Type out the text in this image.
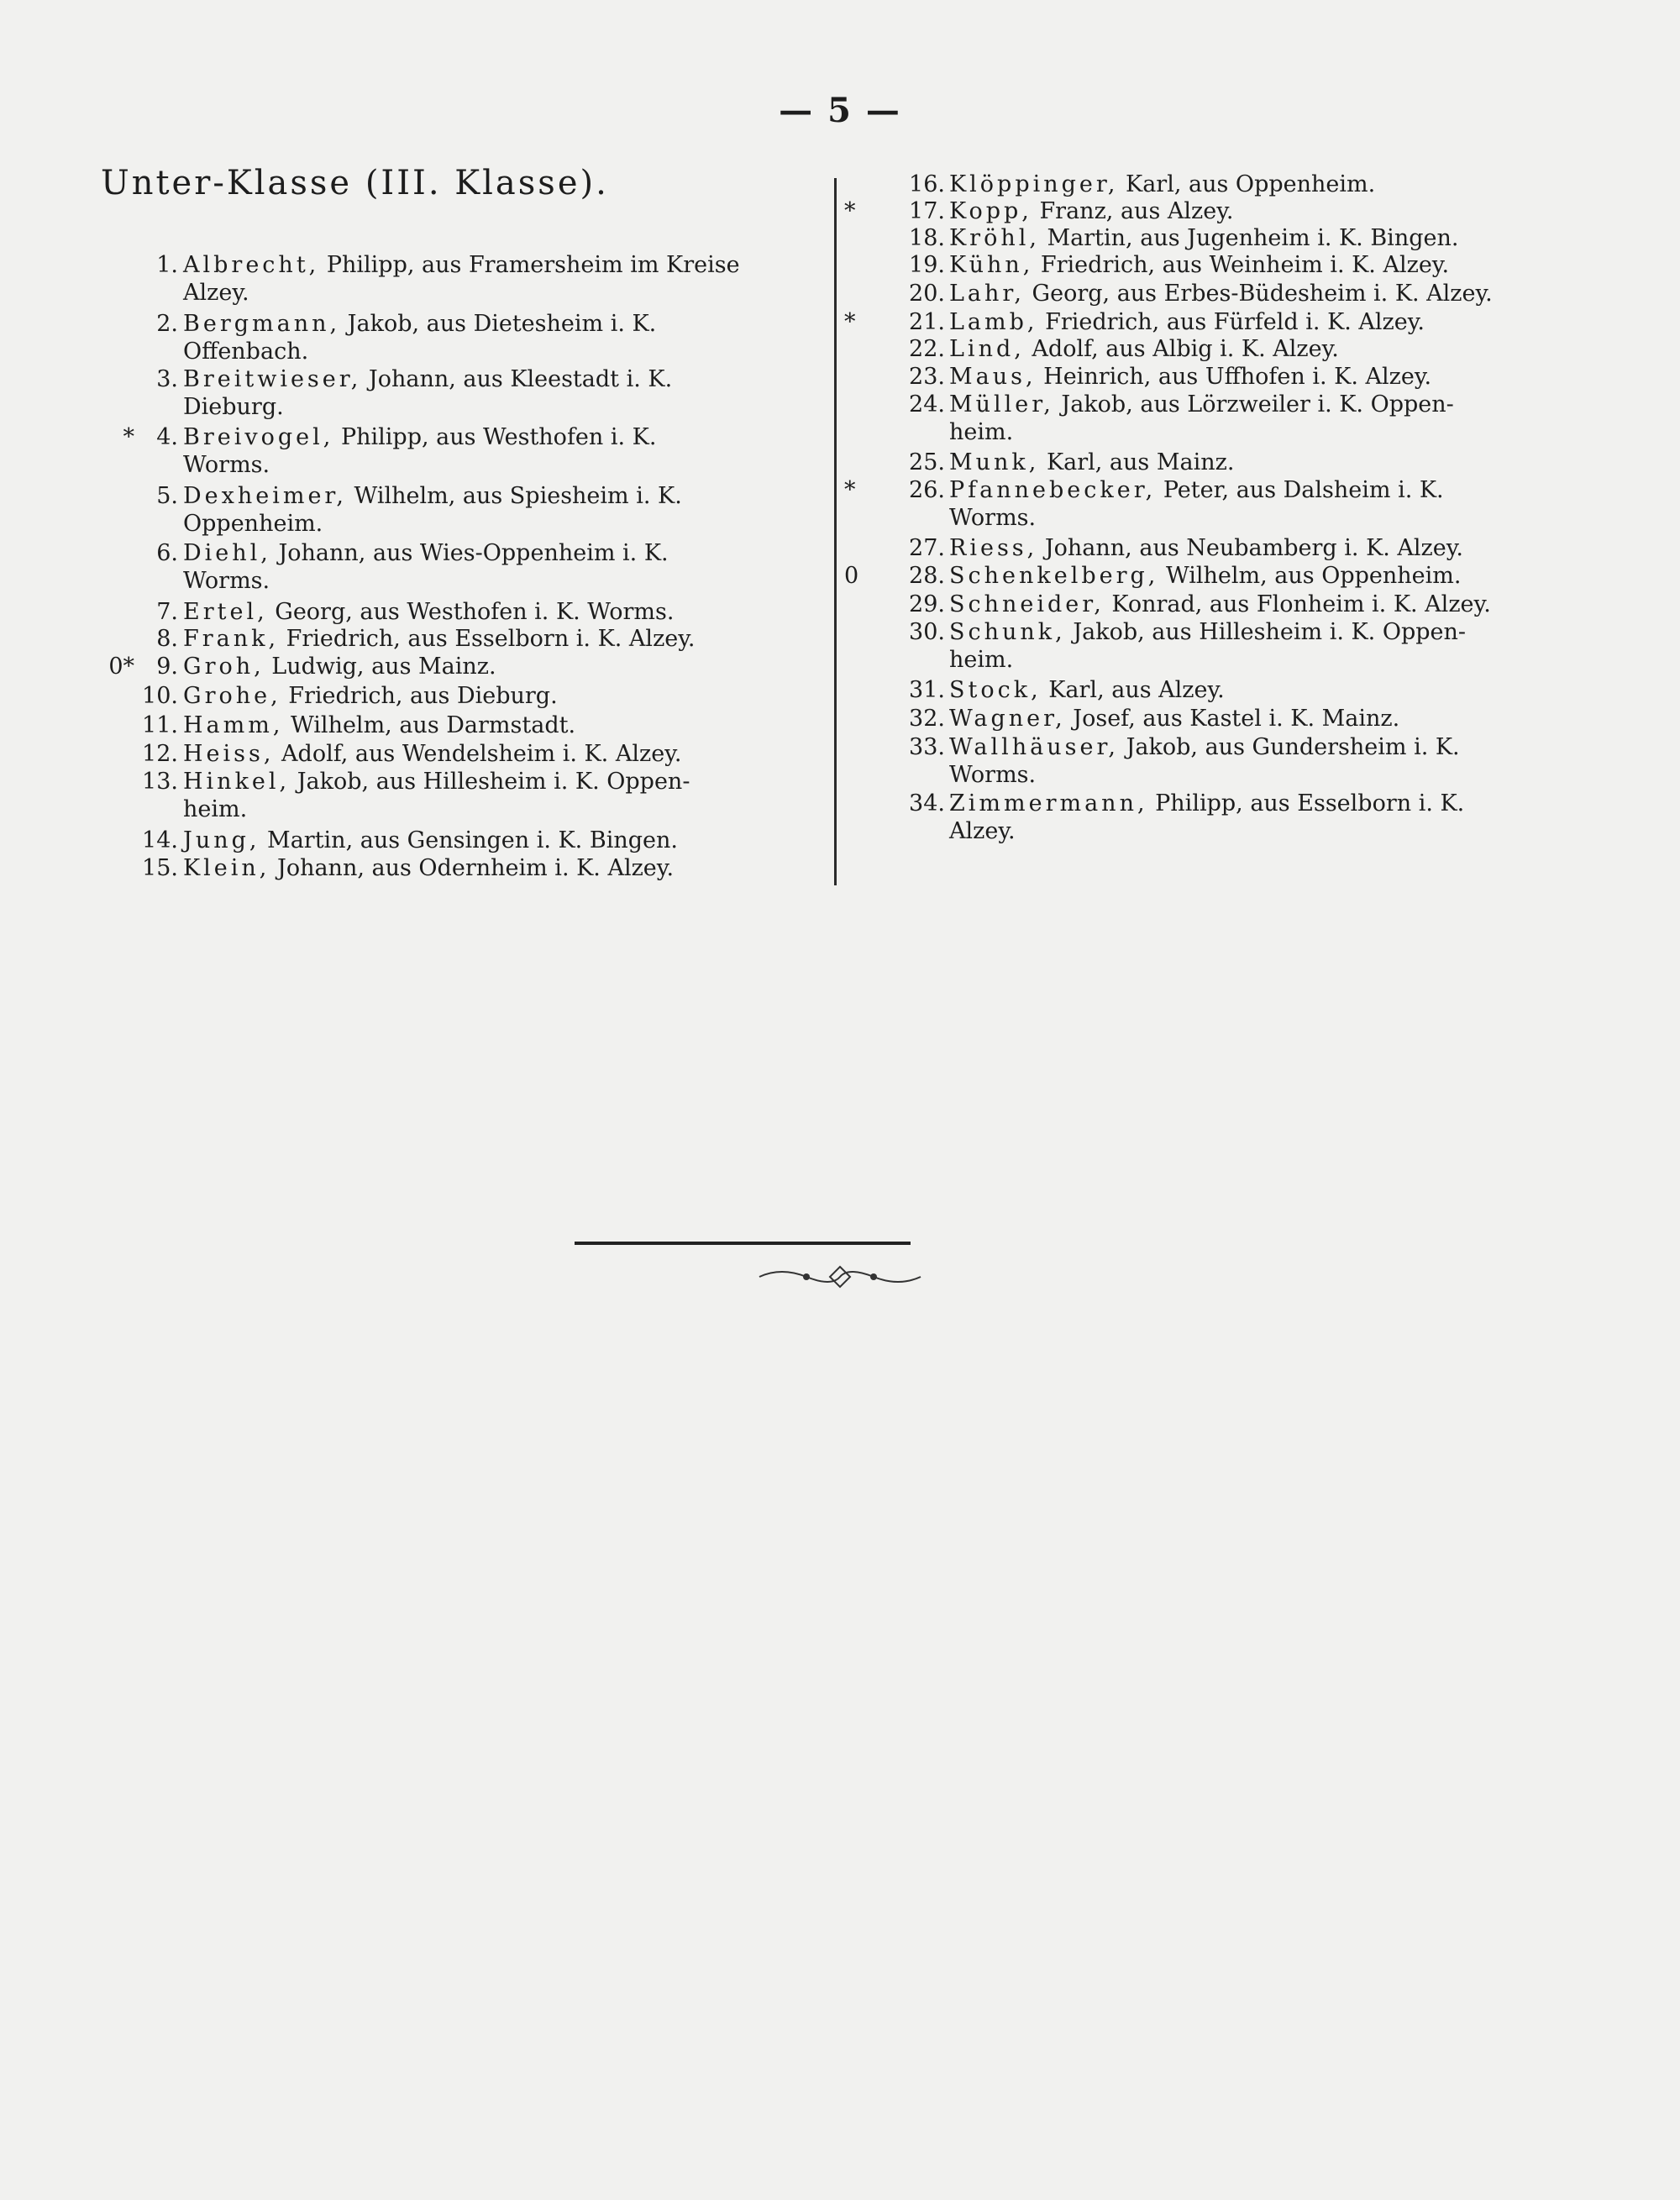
— 5 —
Unter-Klasse (III. Klasse).
1. Albrecht, Philipp, aus Framersheim im Kreise
Alzey.
2. Bergmann, Jakob, aus Dietesheim i. K.
Offenbach.
3. Breitwieser, Johann, aus Kleestadt i. K.
Dieburg.
* 4. Breivogel, Philipp, aus Westhofen i. K.
Worms.
5. Dexheimer, Wilhelm, aus Spiesheim i. K.
Oppenheim.
6. Diehl, Johann, aus Wies-Oppenheim i. K.
Worms.
7. Ertel, Georg, aus Westhofen i. K. Worms.
8. Frank, Friedrich, aus Esselborn i. K. Alzey.
0* 9. Groh, Ludwig, aus Mainz.
10. Grohe, Friedrich, aus Dieburg.
11. Hamm, Wilhelm, aus Darmstadt.
12. Heiss, Adolf, aus Wendelsheim i. K. Alzey.
13. Hinkel, Jakob, aus Hillesheim i. K. Oppen-
heim.
14. Jung, Martin, aus Gensingen i. K. Bingen.
15. Klein, Johann, aus Odernheim i. K. Alzey.
16. Klöppinger, Karl, aus Oppenheim.
*	17. Kopp, Franz, aus Alzey.
18. Kröhl, Martin, aus Jugenheim i. K. Bingen.
19. Kühn, Friedrich, aus Weinheim i. K. Alzey.
20. Lahr, Georg, aus Erbes-Büdesheim i. K. Alzey.
*	21. Lamb, Friedrich, aus Fürfeld i. K. Alzey.
22. Lind, Adolf, aus Albig i. K. Alzey.
23. Maus, Heinrich, aus Uffhofen i. K. Alzey.
24. Müller, Jakob, aus Lörzweiler i. K. Oppen-
heim.
25. Munk, Karl, aus Mainz.
*	26. Pfannebecker, Peter, aus Dalsheim i. K.
Worms.
27. Riess, Johann, aus Neubamberg i. K. Alzey.
0	28. Schenkelberg, Wilhelm, aus Oppenheim.
29. Schneider, Konrad, aus Flonheim i. K. Alzey.
30. Schunk, Jakob, aus Hillesheim i. K. Oppen-
heim.
31. Stock, Karl, aus Alzey.
32. Wagner, Josef, aus Kastel i. K. Mainz.
33. Wallhäuser, Jakob, aus Gundersheim i. K.
Worms.
34. Zimmermann, Philipp, aus Esselborn i. K.
Alzey.
